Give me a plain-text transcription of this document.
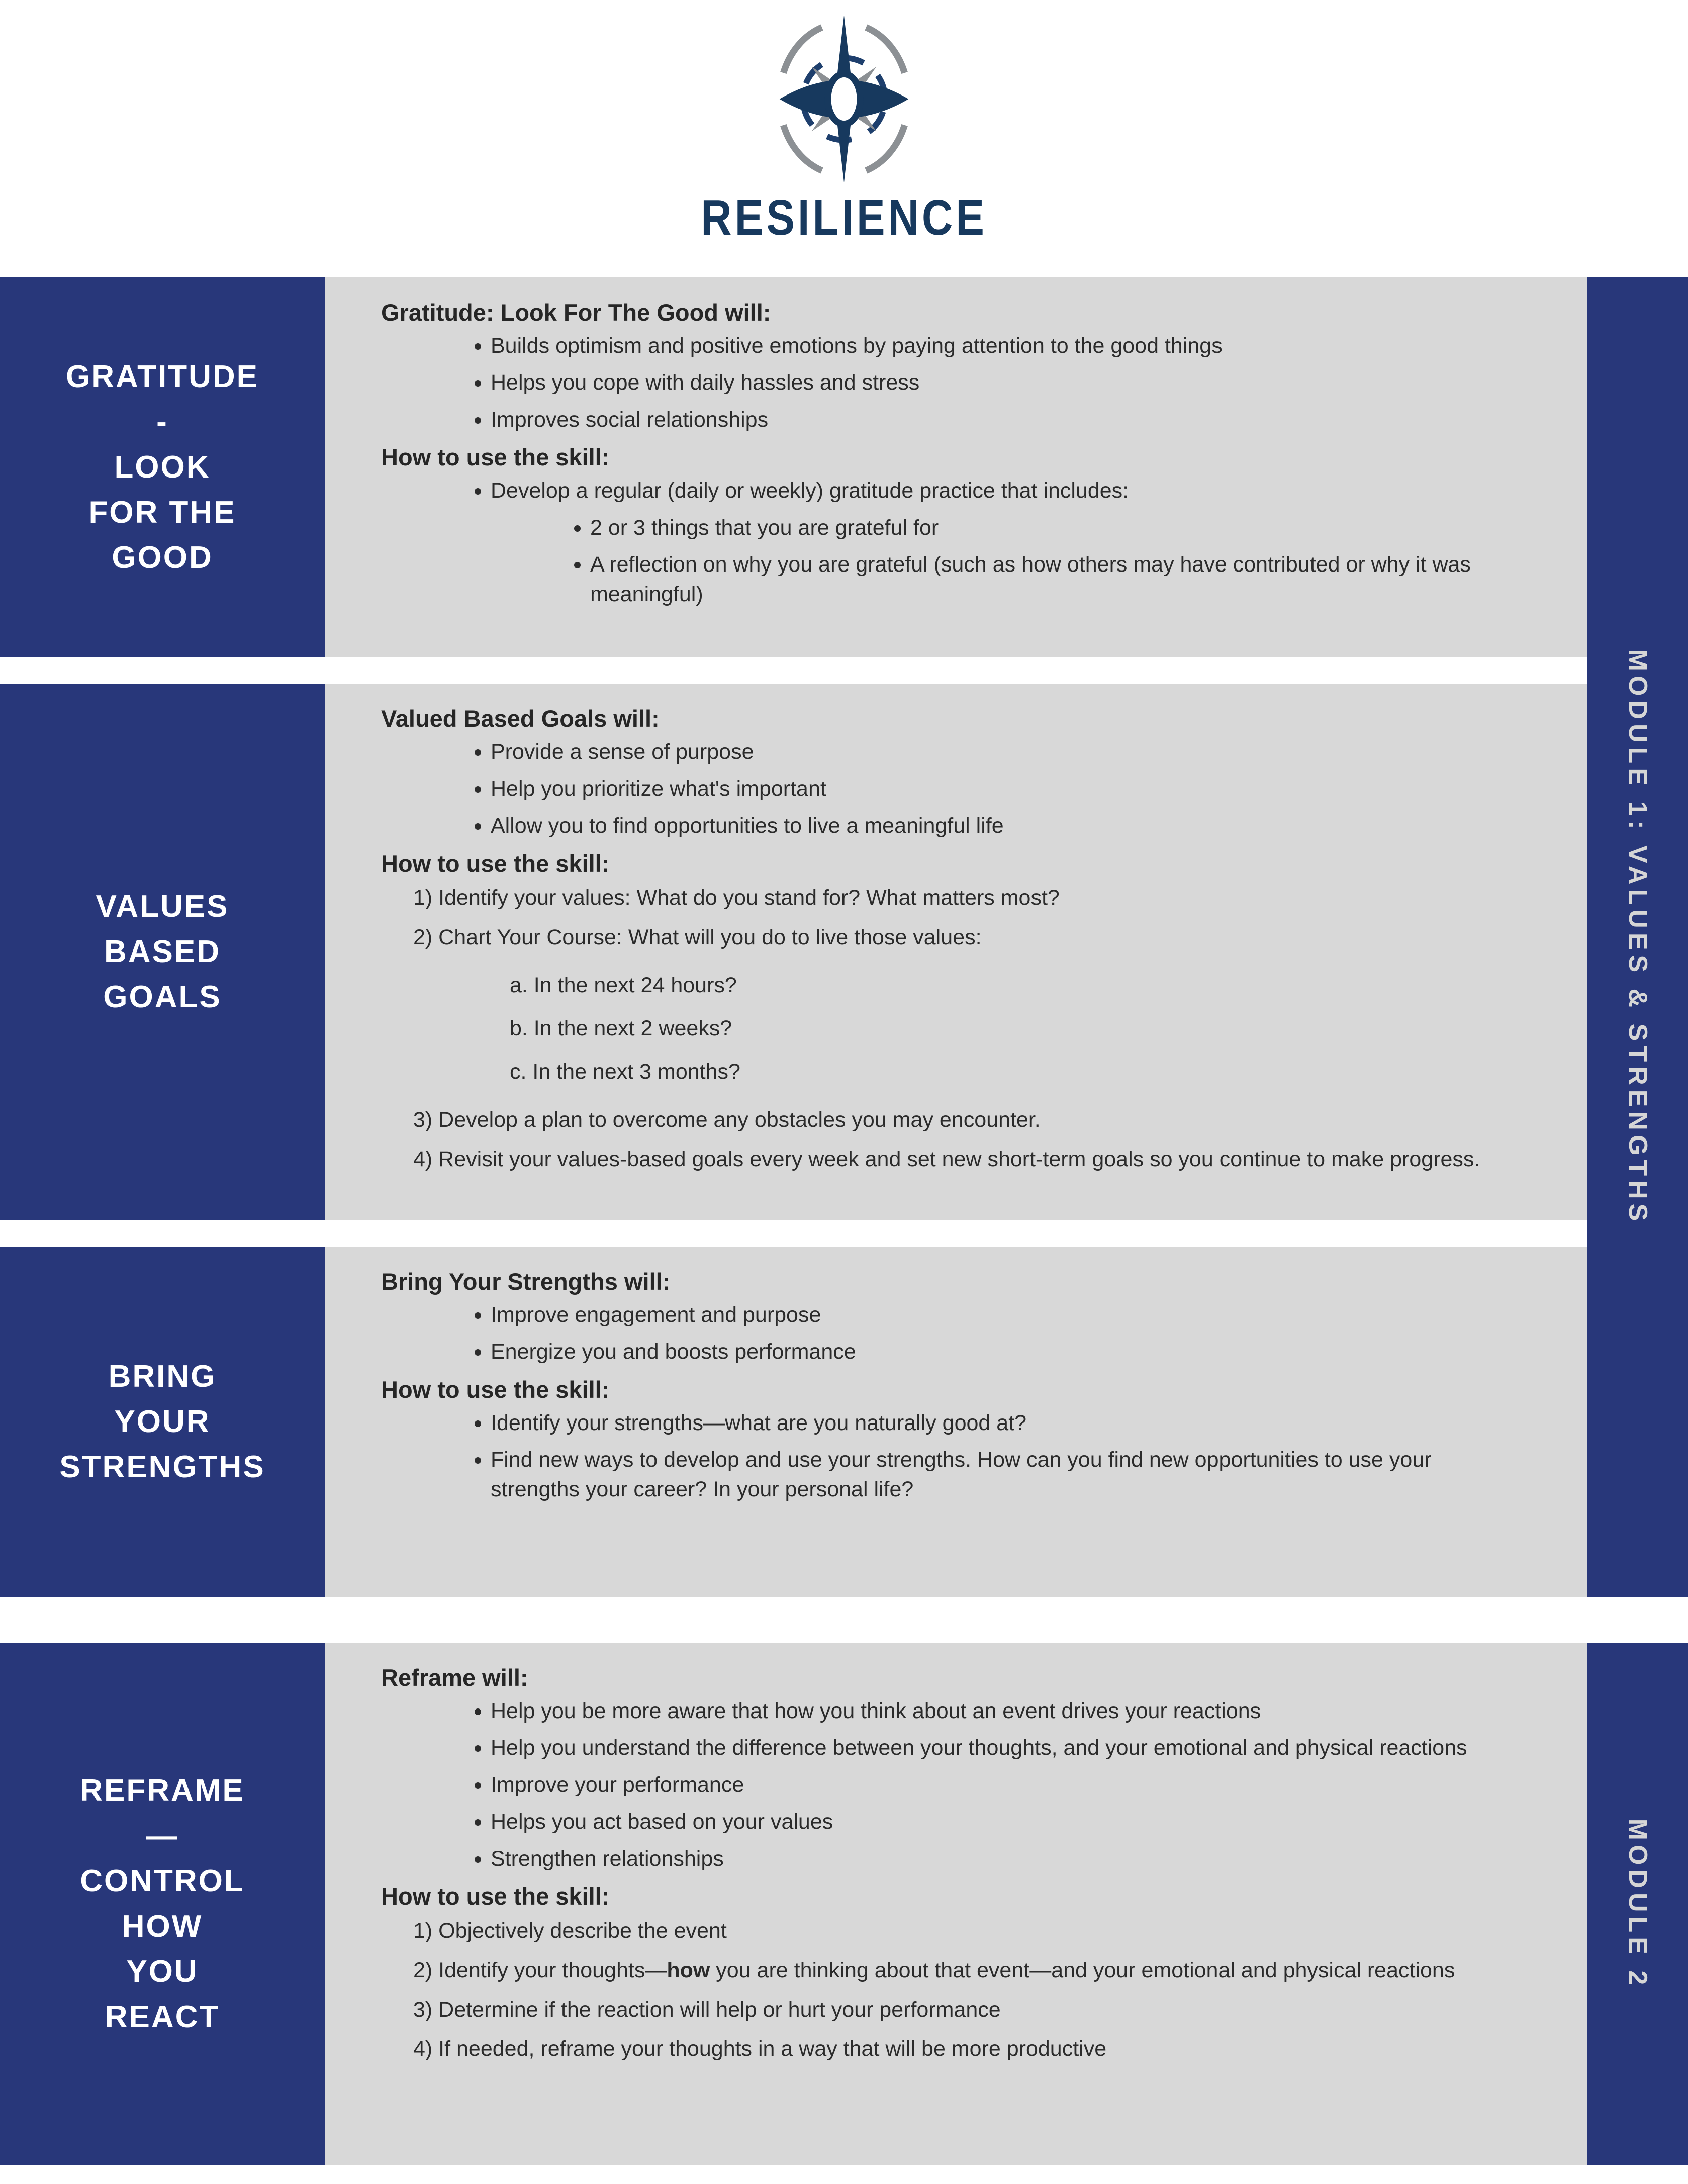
RESILIENCE
MODULE 1: VALUES & STRENGTHS
MODULE 2
GRATITUDE
-
LOOK
FOR THE
GOOD
Gratitude: Look For The Good will:
• Builds optimism and positive emotions by paying attention to the good things
• Helps you cope with daily hassles and stress
• Improves social relationships
How to use the skill:
• Develop a regular (daily or weekly) gratitude practice that includes:
• 2 or 3 things that you are grateful for
• A reflection on why you are grateful (such as how others may have contributed or why it was meaningful)
VALUES
BASED
GOALS
Valued Based Goals will:
• Provide a sense of purpose
• Help you prioritize what's important
• Allow you to find opportunities to live a meaningful life
How to use the skill:
1) Identify your values: What do you stand for? What matters most?
2) Chart Your Course: What will you do to live those values:
a. In the next 24 hours?
b. In the next 2 weeks?
c. In the next 3 months?
3) Develop a plan to overcome any obstacles you may encounter.
4) Revisit your values-based goals every week and set new short-term goals so you continue to make progress.
BRING
YOUR
STRENGTHS
Bring Your Strengths will:
• Improve engagement and purpose
• Energize you and boosts performance
How to use the skill:
• Identify your strengths—what are you naturally good at?
• Find new ways to develop and use your strengths. How can you find new opportunities to use your strengths your career? In your personal life?
REFRAME
—
CONTROL
HOW
YOU
REACT
Reframe will:
• Help you be more aware that how you think about an event drives your reactions
• Help you understand the difference between your thoughts, and your emotional and physical reactions
• Improve your performance
• Helps you act based on your values
• Strengthen relationships
How to use the skill:
1) Objectively describe the event
2) Identify your thoughts—how you are thinking about that event—and your emotional and physical reactions
3) Determine if the reaction will help or hurt your performance
4) If needed, reframe your thoughts in a way that will be more productive
